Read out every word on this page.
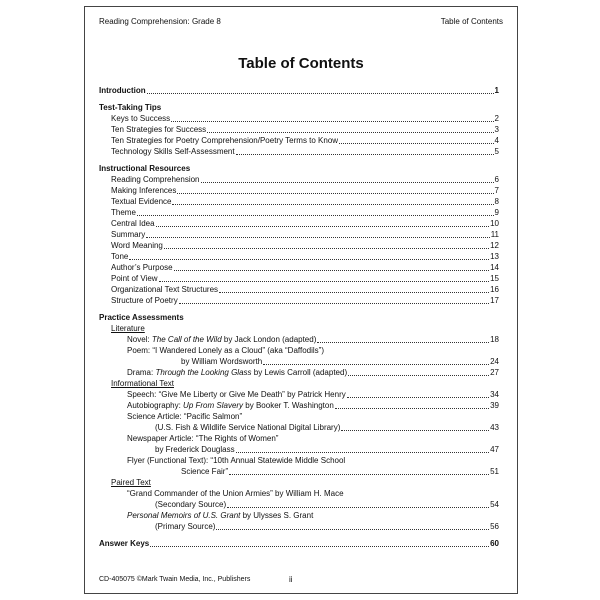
Reading Comprehension: Grade 8	Table of Contents
Table of Contents
Introduction	1
Test-Taking Tips
Keys to Success	2
Ten Strategies for Success	3
Ten Strategies for Poetry Comprehension/Poetry Terms to Know	4
Technology Skills Self-Assessment	5
Instructional Resources
Reading Comprehension	6
Making Inferences	7
Textual Evidence	8
Theme	9
Central Idea	10
Summary	11
Word Meaning	12
Tone	13
Author’s Purpose	14
Point of View	15
Organizational Text Structures	16
Structure of Poetry	17
Practice Assessments
Literature
Novel: The Call of the Wild by Jack London (adapted)	18
Poem: “I Wandered Lonely as a Cloud” (aka “Daffodils”)
by William Wordsworth	24
Drama: Through the Looking Glass by Lewis Carroll (adapted)	27
Informational Text
Speech: “Give Me Liberty or Give Me Death” by Patrick Henry	34
Autobiography: Up From Slavery by Booker T. Washington	39
Science Article: “Pacific Salmon”
(U.S. Fish & Wildlife Service National Digital Library)	43
Newspaper Article: “The Rights of Women”
by Frederick Douglass	47
Flyer (Functional Text): “10th Annual Statewide Middle School
Science Fair”	51
Paired Text
“Grand Commander of the Union Armies” by William H. Mace
(Secondary Source)	54
Personal Memoirs of U.S. Grant by Ulysses S. Grant
(Primary Source)	56
Answer Keys	60
CD-405075 ©Mark Twain Media, Inc., Publishers	ii
